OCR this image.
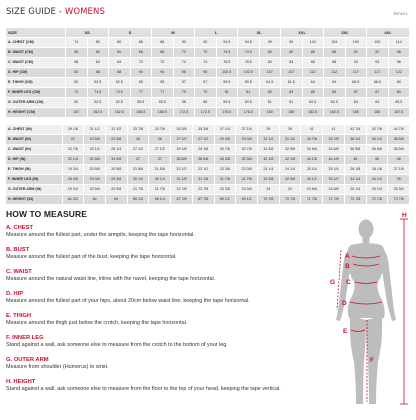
SIZE GUIDE - WOMENS	REVO1
SIZE	XS		S		M		L		XL		XXL		3XL		4XL	
A. CHEST (CM)	74	80	80	86	86	90	90	94.5	94.5	99	99	104	104	109	109	114
B. WAIST (CM)	56	60	60	66	66	70	70	74.5	74.5	80	80	86	86	92	92	98
C. WAIST (CM)	58	64	64	70	70	74	74	78.5	78.5	83	83	88	88	93	93	98
D. HIP (CM)	82	88	88	94	94	98	98	102.5	102.5	107	107	112	112	117	117	122
E. THIGH (CM)	50	52.5	52.5	55	55	57	57	59.5	59.5	61.5	61.5	64	64	66.5	66.5	69
F. INNER LEG (CM)	72	74.5	74.5	77	77	79	79	81	81	83	83	85	85	87	87	89
G. OUTER ARM (CM)	50	52.5	52.5	55.5	55.5	58	58	59.5	59.5	61	61	62.5	62.5	64	64	65.5
H. HEIGHT (CM)	157	162.5	162.5	168.5	168.5	172.5	172.5	176.5	176.5	180	180	182.5	182.5	185	185	187.5
A. CHEST (IN)	29 1/8	31 1/2	31 1/2	33 7/8	33 7/8	35 3/8	35 3/8	37 1/4	37 1/4	39	39	41	41	42 7/8	42 7/8	44 7/8
B. WAIST (IN)	22	23 5/8	23 5/8	26	26	27 1/2	27 1/2	29 3/8	29 3/8	31 1/2	31 1/2	33 7/8	33 7/8	36 1/4	36 1/4	38 5/8
C. WAIST (IN)	22 7/8	25 1/4	25 1/4	27 1/2	27 1/2	29 1/8	29 1/8	30 7/8	30 7/8	32 5/8	32 5/8	34 5/8	34 5/8	36 5/8	36 5/8	38 5/8
D. HIP (IN)	32 1/4	34 5/8	34 5/8	37	37	38 5/8	38 5/8	40 3/8	40 3/8	42 1/8	42 1/8	44 1/8	44 1/8	46	46	48
E. THIGH (IN)	19 3/4	20 5/8	20 5/8	21 5/8	21 5/8	22 1/2	22 1/2	23 3/8	23 3/8	24 1/4	24 1/4	25 1/4	25 1/4	26 1/8	26 1/8	27 1/8
F. INNER LEG (IN)	28 3/8	29 3/8	29 3/8	30 1/4	30 1/4	31 1/8	31 1/8	31 7/8	31 7/8	32 5/8	32 5/8	33 1/2	33 1/2	34 1/4	34 1/4	35
G. OUTER ARM (IN)	19 3/4	20 5/8	20 5/8	21 7/8	21 7/8	22 7/8	22 7/8	23 3/8	23 3/8	24	24	24 5/8	24 5/8	25 1/4	25 1/4	25 3/4
H. HEIGHT (IN)	61 3/4	64	64	66 1/4	66 1/4	67 7/8	67 7/8	69 1/2	69 1/2	70 7/8	70 7/8	71 7/8	71 7/8	72 7/8	72 7/8	73 7/8
HOW TO MEASURE
A. CHEST
Measure around the fullest part, under the armpits, keeping the tape horizontal.
B. BUST
Measure around the fullest part of the bust, keeping the tape horizontal.
C. WAIST
Measure around the natural waist line, inline with the navel, keeping the tape horizontal.
D. HIP
Measure around the fullest part of your hips, about 20cm below waist line, keeping the tape horizontal.
E. THIGH
Measure around the thigh just below the crotch, keeping the tape horizontal.
F. INNER LEG
Stand against a wall, ask someone else to measure from the crotch to the bottom of your leg.
G. OUTER ARM
Measure from shoulder (Humerus) to wrist.
H. HEIGHT
Stand against a wall, ask someone else to measure from the floor to the top of your head, keeping the tape vertical.
H
A
B
C
D
E
F
G
